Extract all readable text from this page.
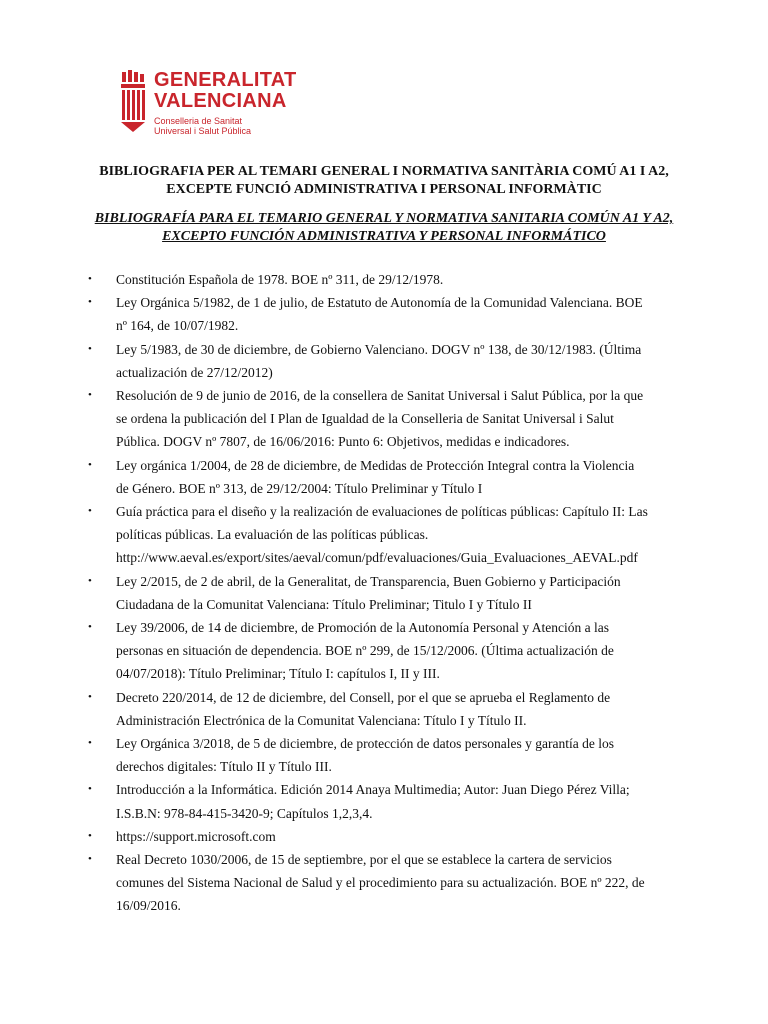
GENERALITAT
VALENCIANA
Conselleria de Sanitat
Universal i Salut Pública
BIBLIOGRAFIA PER AL TEMARI GENERAL I NORMATIVA SANITÀRIA COMÚ A1 I A2,
EXCEPTE FUNCIÓ ADMINISTRATIVA I PERSONAL INFORMÀTIC
BIBLIOGRAFÍA PARA EL TEMARIO GENERAL Y NORMATIVA SANITARIA COMÚN A1 Y A2,
EXCEPTO FUNCIÓN ADMINISTRATIVA Y PERSONAL INFORMÁTICO
• Constitución Española de 1978. BOE nº 311, de 29/12/1978.
• Ley Orgánica 5/1982, de 1 de julio, de Estatuto de Autonomía de la Comunidad Valenciana. BOE
nº 164, de 10/07/1982.
• Ley 5/1983, de 30 de diciembre, de Gobierno Valenciano. DOGV nº 138, de 30/12/1983. (Última
actualización de 27/12/2012)
• Resolución de 9 de junio de 2016, de la consellera de Sanitat Universal i Salut Pública, por la que
se ordena la publicación del I Plan de Igualdad de la Conselleria de Sanitat Universal i Salut
Pública. DOGV nº 7807, de 16/06/2016: Punto 6: Objetivos, medidas e indicadores.
• Ley orgánica 1/2004, de 28 de diciembre, de Medidas de Protección Integral contra la Violencia
de Género. BOE nº 313, de 29/12/2004: Título Preliminar y Título I
• Guía práctica para el diseño y la realización de evaluaciones de políticas públicas: Capítulo II: Las
políticas públicas. La evaluación de las políticas públicas.
http://www.aeval.es/export/sites/aeval/comun/pdf/evaluaciones/Guia_Evaluaciones_AEVAL.pdf
• Ley 2/2015, de 2 de abril, de la Generalitat, de Transparencia, Buen Gobierno y Participación
Ciudadana de la Comunitat Valenciana: Título Preliminar; Titulo I y Título II
• Ley 39/2006, de 14 de diciembre, de Promoción de la Autonomía Personal y Atención a las
personas en situación de dependencia. BOE nº 299, de 15/12/2006. (Última actualización de
04/07/2018): Título Preliminar; Título I: capítulos I, II y III.
• Decreto 220/2014, de 12 de diciembre, del Consell, por el que se aprueba el Reglamento de
Administración Electrónica de la Comunitat Valenciana: Título I y Título II.
• Ley Orgánica 3/2018, de 5 de diciembre, de protección de datos personales y garantía de los
derechos digitales: Título II y Título III.
• Introducción a la Informática. Edición 2014 Anaya Multimedia; Autor: Juan Diego Pérez Villa;
I.S.B.N: 978-84-415-3420-9; Capítulos 1,2,3,4.
• https://support.microsoft.com
• Real Decreto 1030/2006, de 15 de septiembre, por el que se establece la cartera de servicios
comunes del Sistema Nacional de Salud y el procedimiento para su actualización. BOE nº 222, de
16/09/2016.
